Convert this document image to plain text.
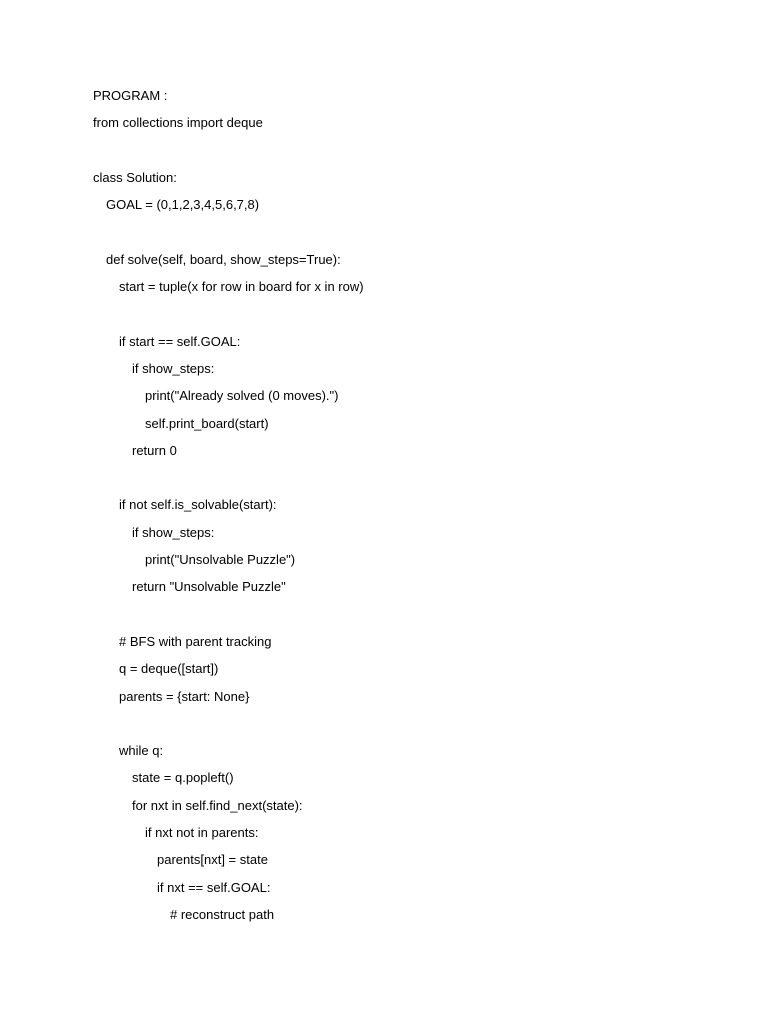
PROGRAM :
from collections import deque
class Solution:
GOAL = (0,1,2,3,4,5,6,7,8)
def solve(self, board, show_steps=True):
start = tuple(x for row in board for x in row)
if start == self.GOAL:
if show_steps:
print("Already solved (0 moves).")
self.print_board(start)
return 0
if not self.is_solvable(start):
if show_steps:
print("Unsolvable Puzzle")
return "Unsolvable Puzzle"
# BFS with parent tracking
q = deque([start])
parents = {start: None}
while q:
state = q.popleft()
for nxt in self.find_next(state):
if nxt not in parents:
parents[nxt] = state
if nxt == self.GOAL:
# reconstruct path
